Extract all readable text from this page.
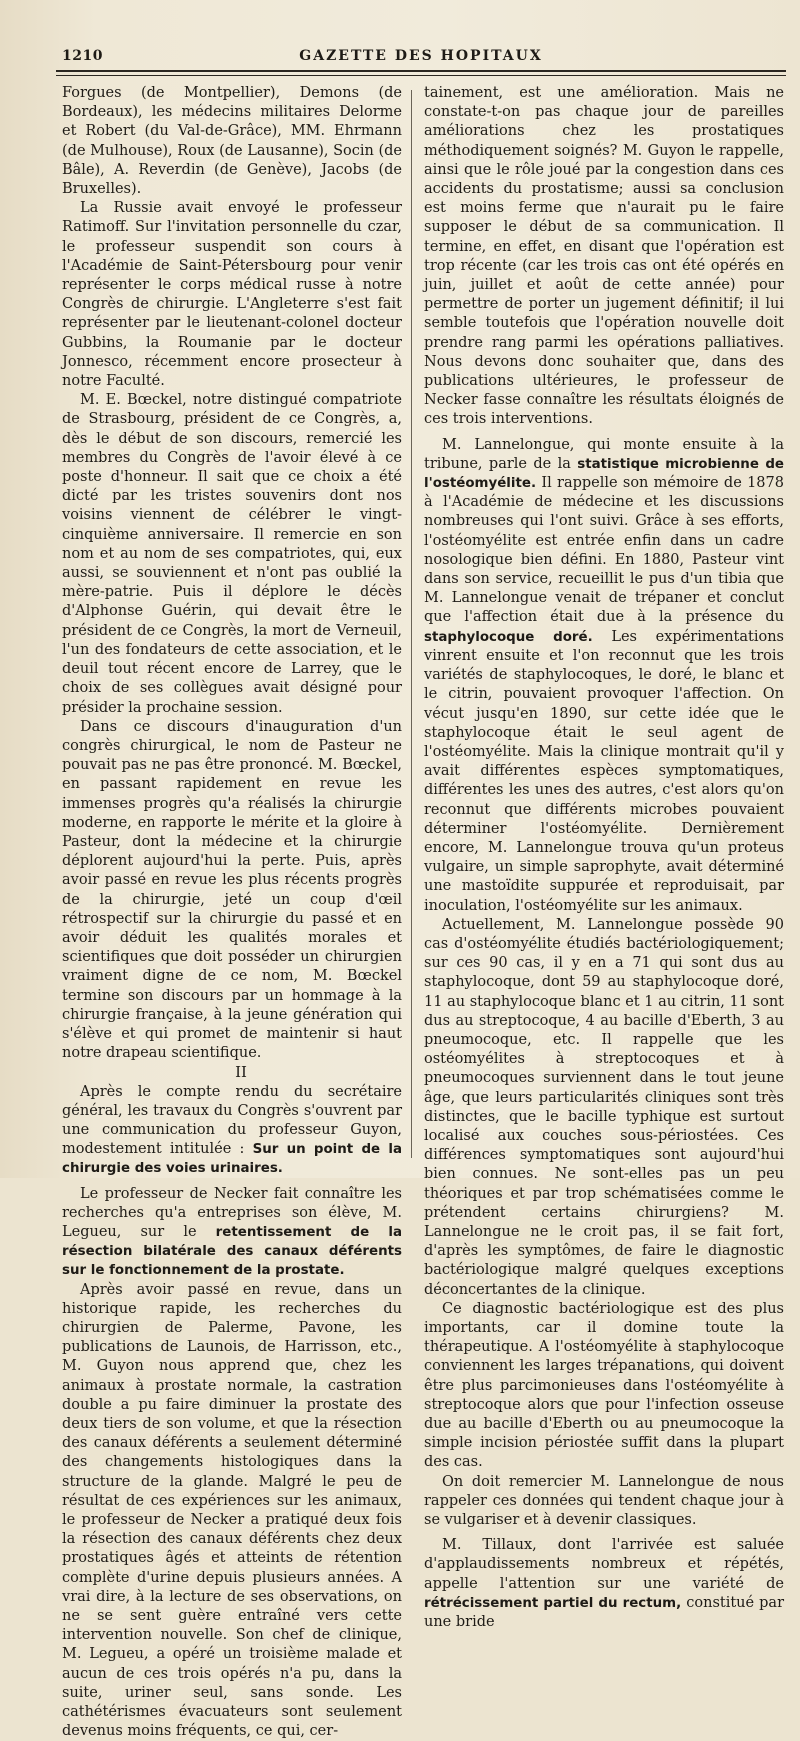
1210	GAZETTE DES HOPITAUX

Forgues (de Montpellier), Demons (de Bordeaux), les médecins militaires Delorme et Robert (du Val-de-Grâce), MM. Ehrmann (de Mulhouse), Roux (de Lausanne), Socin (de Bâle), A. Reverdin (de Genève), Jacobs (de Bruxelles).

La Russie avait envoyé le professeur Ratimoff. Sur l'invitation personnelle du czar, le professeur suspendit son cours à l'Académie de Saint-Pétersbourg pour venir représenter le corps médical russe à notre Congrès de chirurgie. L'Angleterre s'est fait représenter par le lieutenant-colonel docteur Gubbins, la Roumanie par le docteur Jonnesco, récemment encore prosecteur à notre Faculté.

M. E. Bœckel, notre distingué compatriote de Strasbourg, président de ce Congrès, a, dès le début de son discours, remercié les membres du Congrès de l'avoir élevé à ce poste d'honneur. Il sait que ce choix a été dicté par les tristes souvenirs dont nos voisins viennent de célébrer le vingt-cinquième anniversaire. Il remercie en son nom et au nom de ses compatriotes, qui, eux aussi, se souviennent et n'ont pas oublié la mère-patrie. Puis il déplore le décès d'Alphonse Guérin, qui devait être le président de ce Congrès, la mort de Verneuil, l'un des fondateurs de cette association, et le deuil tout récent encore de Larrey, que le choix de ses collègues avait désigné pour présider la prochaine session.

Dans ce discours d'inauguration d'un congrès chirurgical, le nom de Pasteur ne pouvait pas ne pas être prononcé. M. Bœckel, en passant rapidement en revue les immenses progrès qu'a réalisés la chirurgie moderne, en rapporte le mérite et la gloire à Pasteur, dont la médecine et la chirurgie déplorent aujourd'hui la perte. Puis, après avoir passé en revue les plus récents progrès de la chirurgie, jeté un coup d'œil rétrospectif sur la chirurgie du passé et en avoir déduit les qualités morales et scientifiques que doit posséder un chirurgien vraiment digne de ce nom, M. Bœckel termine son discours par un hommage à la chirurgie française, à la jeune génération qui s'élève et qui promet de maintenir si haut notre drapeau scientifique.

II

Après le compte rendu du secrétaire général, les travaux du Congrès s'ouvrent par une communication du professeur Guyon, modestement intitulée : Sur un point de la chirurgie des voies urinaires.

Le professeur de Necker fait connaître les recherches qu'a entreprises son élève, M. Legueu, sur le retentissement de la résection bilatérale des canaux déférents sur le fonctionnement de la prostate.

Après avoir passé en revue, dans un historique rapide, les recherches du chirurgien de Palerme, Pavone, les publications de Launois, de Harrisson, etc., M. Guyon nous apprend que, chez les animaux à prostate normale, la castration double a pu faire diminuer la prostate des deux tiers de son volume, et que la résection des canaux déférents a seulement déterminé des changements histologiques dans la structure de la glande. Malgré le peu de résultat de ces expériences sur les animaux, le professeur de Necker a pratiqué deux fois la résection des canaux déférents chez deux prostatiques âgés et atteints de rétention complète d'urine depuis plusieurs années. A vrai dire, à la lecture de ses observations, on ne se sent guère entraîné vers cette intervention nouvelle. Son chef de clinique, M. Legueu, a opéré un troisième malade et aucun de ces trois opérés n'a pu, dans la suite, uriner seul, sans sonde. Les cathétérismes évacuateurs sont seulement devenus moins fréquents, ce qui, cer-

tainement, est une amélioration. Mais ne constate-t-on pas chaque jour de pareilles améliorations chez les prostatiques méthodiquement soignés? M. Guyon le rappelle, ainsi que le rôle joué par la congestion dans ces accidents du prostatisme; aussi sa conclusion est moins ferme que n'aurait pu le faire supposer le début de sa communication. Il termine, en effet, en disant que l'opération est trop récente (car les trois cas ont été opérés en juin, juillet et août de cette année) pour permettre de porter un jugement définitif; il lui semble toutefois que l'opération nouvelle doit prendre rang parmi les opérations palliatives. Nous devons donc souhaiter que, dans des publications ultérieures, le professeur de Necker fasse connaître les résultats éloignés de ces trois interventions.

M. Lannelongue, qui monte ensuite à la tribune, parle de la statistique microbienne de l'ostéomyélite. Il rappelle son mémoire de 1878 à l'Académie de médecine et les discussions nombreuses qui l'ont suivi. Grâce à ses efforts, l'ostéomyélite est entrée enfin dans un cadre nosologique bien défini. En 1880, Pasteur vint dans son service, recueillit le pus d'un tibia que M. Lannelongue venait de trépaner et conclut que l'affection était due à la présence du staphylocoque doré. Les expérimentations vinrent ensuite et l'on reconnut que les trois variétés de staphylocoques, le doré, le blanc et le citrin, pouvaient provoquer l'affection. On vécut jusqu'en 1890, sur cette idée que le staphylocoque était le seul agent de l'ostéomyélite. Mais la clinique montrait qu'il y avait différentes espèces symptomatiques, différentes les unes des autres, c'est alors qu'on reconnut que différents microbes pouvaient déterminer l'ostéomyélite. Dernièrement encore, M. Lannelongue trouva qu'un proteus vulgaire, un simple saprophyte, avait déterminé une mastoïdite suppurée et reproduisait, par inoculation, l'ostéomyélite sur les animaux.

Actuellement, M. Lannelongue possède 90 cas d'ostéomyélite étudiés bactériologiquement; sur ces 90 cas, il y en a 71 qui sont dus au staphylocoque, dont 59 au staphylocoque doré, 11 au staphylocoque blanc et 1 au citrin, 11 sont dus au streptocoque, 4 au bacille d'Eberth, 3 au pneumocoque, etc. Il rappelle que les ostéomyélites à streptocoques et à pneumocoques surviennent dans le tout jeune âge, que leurs particularités cliniques sont très distinctes, que le bacille typhique est surtout localisé aux couches sous-périostées. Ces différences symptomatiques sont aujourd'hui bien connues. Ne sont-elles pas un peu théoriques et par trop schématisées comme le prétendent certains chirurgiens? M. Lannelongue ne le croit pas, il se fait fort, d'après les symptômes, de faire le diagnostic bactériologique malgré quelques exceptions déconcertantes de la clinique.

Ce diagnostic bactériologique est des plus importants, car il domine toute la thérapeutique. A l'ostéomyélite à staphylocoque conviennent les larges trépanations, qui doivent être plus parcimonieuses dans l'ostéomyélite à streptocoque alors que pour l'infection osseuse due au bacille d'Eberth ou au pneumocoque la simple incision périostée suffit dans la plupart des cas.

On doit remercier M. Lannelongue de nous rappeler ces données qui tendent chaque jour à se vulgariser et à devenir classiques.

M. Tillaux, dont l'arrivée est saluée d'applaudissements nombreux et répétés, appelle l'attention sur une variété de rétrécissement partiel du rectum, constitué par une bride
